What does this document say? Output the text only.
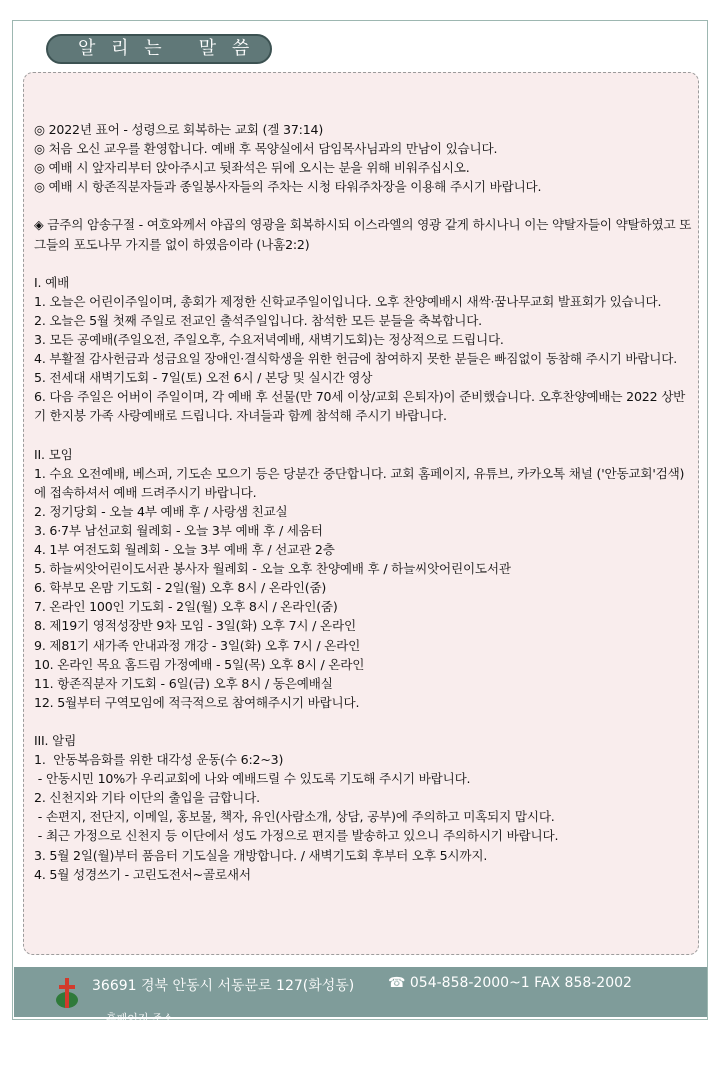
알 리 는   말 씀
◎ 2022년 표어 - 성령으로 회복하는 교회 (겔 37:14)
◎ 처음 오신 교우를 환영합니다. 예배 후 목양실에서 담임목사님과의 만남이 있습니다.
◎ 예배 시 앞자리부터 앉아주시고 뒷좌석은 뒤에 오시는 분을 위해 비워주십시오.
◎ 예배 시 항존직분자들과 종일봉사자들의 주차는 시청 타워주차장을 이용해 주시기 바랍니다.
◈ 금주의 암송구절 - 여호와께서 야곱의 영광을 회복하시되 이스라엘의 영광 같게 하시나니 이는 약탈자들이 약탈하였고 또 그들의 포도나무 가지를 없이 하였음이라 (나훔2:2)
I. 예배
1. 오늘은 어린이주일이며, 총회가 제정한 신학교주일이입니다. 오후 찬양예배시 새싹·꿈나무교회 발표회가 있습니다.
2. 오늘은 5월 첫째 주일로 전교인 출석주일입니다. 참석한 모든 분들을 축복합니다.
3. 모든 공예배(주일오전, 주일오후, 수요저녁예배, 새벽기도회)는 정상적으로 드립니다.
4. 부활절 감사헌금과 성금요일 장애인·결식학생을 위한 헌금에 참여하지 못한 분들은 빠짐없이 동참해 주시기 바랍니다.
5. 전세대 새벽기도회 - 7일(토) 오전 6시 / 본당 및 실시간 영상
6. 다음 주일은 어버이 주일이며, 각 예배 후 선물(만 70세 이상/교회 은퇴자)이 준비했습니다. 오후찬양예배는 2022 상반기 한지붕 가족 사랑예배로 드립니다. 자녀들과 함께 참석해 주시기 바랍니다.
II. 모임
1. 수요 오전예배, 베스퍼, 기도손 모으기 등은 당분간 중단합니다. 교회 홈페이지, 유튜브, 카카오톡 채널 ('안동교회'검색)에 접속하셔서 예배 드려주시기 바랍니다.
2. 정기당회 - 오늘 4부 예배 후 / 사랑샘 친교실
3. 6·7부 남선교회 월례회 - 오늘 3부 예배 후 / 세움터
4. 1부 여전도회 월례회 - 오늘 3부 예배 후 / 선교관 2층
5. 하늘씨앗어린이도서관 봉사자 월례회 - 오늘 오후 찬양예배 후 / 하늘씨앗어린이도서관
6. 학부모 온맘 기도회 - 2일(월) 오후 8시 / 온라인(줌)
7. 온라인 100인 기도회 - 2일(월) 오후 8시 / 온라인(줌)
8. 제19기 영적성장반 9차 모임 - 3일(화) 오후 7시 / 온라인
9. 제81기 새가족 안내과정 개강 - 3일(화) 오후 7시 / 온라인
10. 온라인 목요 홈드림 가정예배 - 5일(목) 오후 8시 / 온라인
11. 항존직분자 기도회 - 6일(금) 오후 8시 / 동은예배실
12. 5월부터 구역모임에 적극적으로 참여해주시기 바랍니다.
III. 알림
1.  안동복음화를 위한 대각성 운동(수 6:2~3)
- 안동시민 10%가 우리교회에 나와 예배드릴 수 있도록 기도해 주시기 바랍니다.
2. 신천지와 기타 이단의 출입을 금합니다.
- 손편지, 전단지, 이메일, 홍보물, 책자, 유인(사람소개, 상담, 공부)에 주의하고 미혹되지 맙시다.
- 최근 가정으로 신천지 등 이단에서 성도 가정으로 편지를 발송하고 있으니 주의하시기 바랍니다.
3. 5월 2일(월)부터 품음터 기도실을 개방합니다. / 새벽기도회 후부터 오후 5시까지.
4. 5월 성경쓰기 - 고린도전서~골로새서
36691 경북 안동시 서동문로 127(화성동) ☎ 054-858-2000~1 FAX 858-2002

홈페이지 주소
http://www.adpc.or.kr
블로그 blog.daum.net/adpc2000
